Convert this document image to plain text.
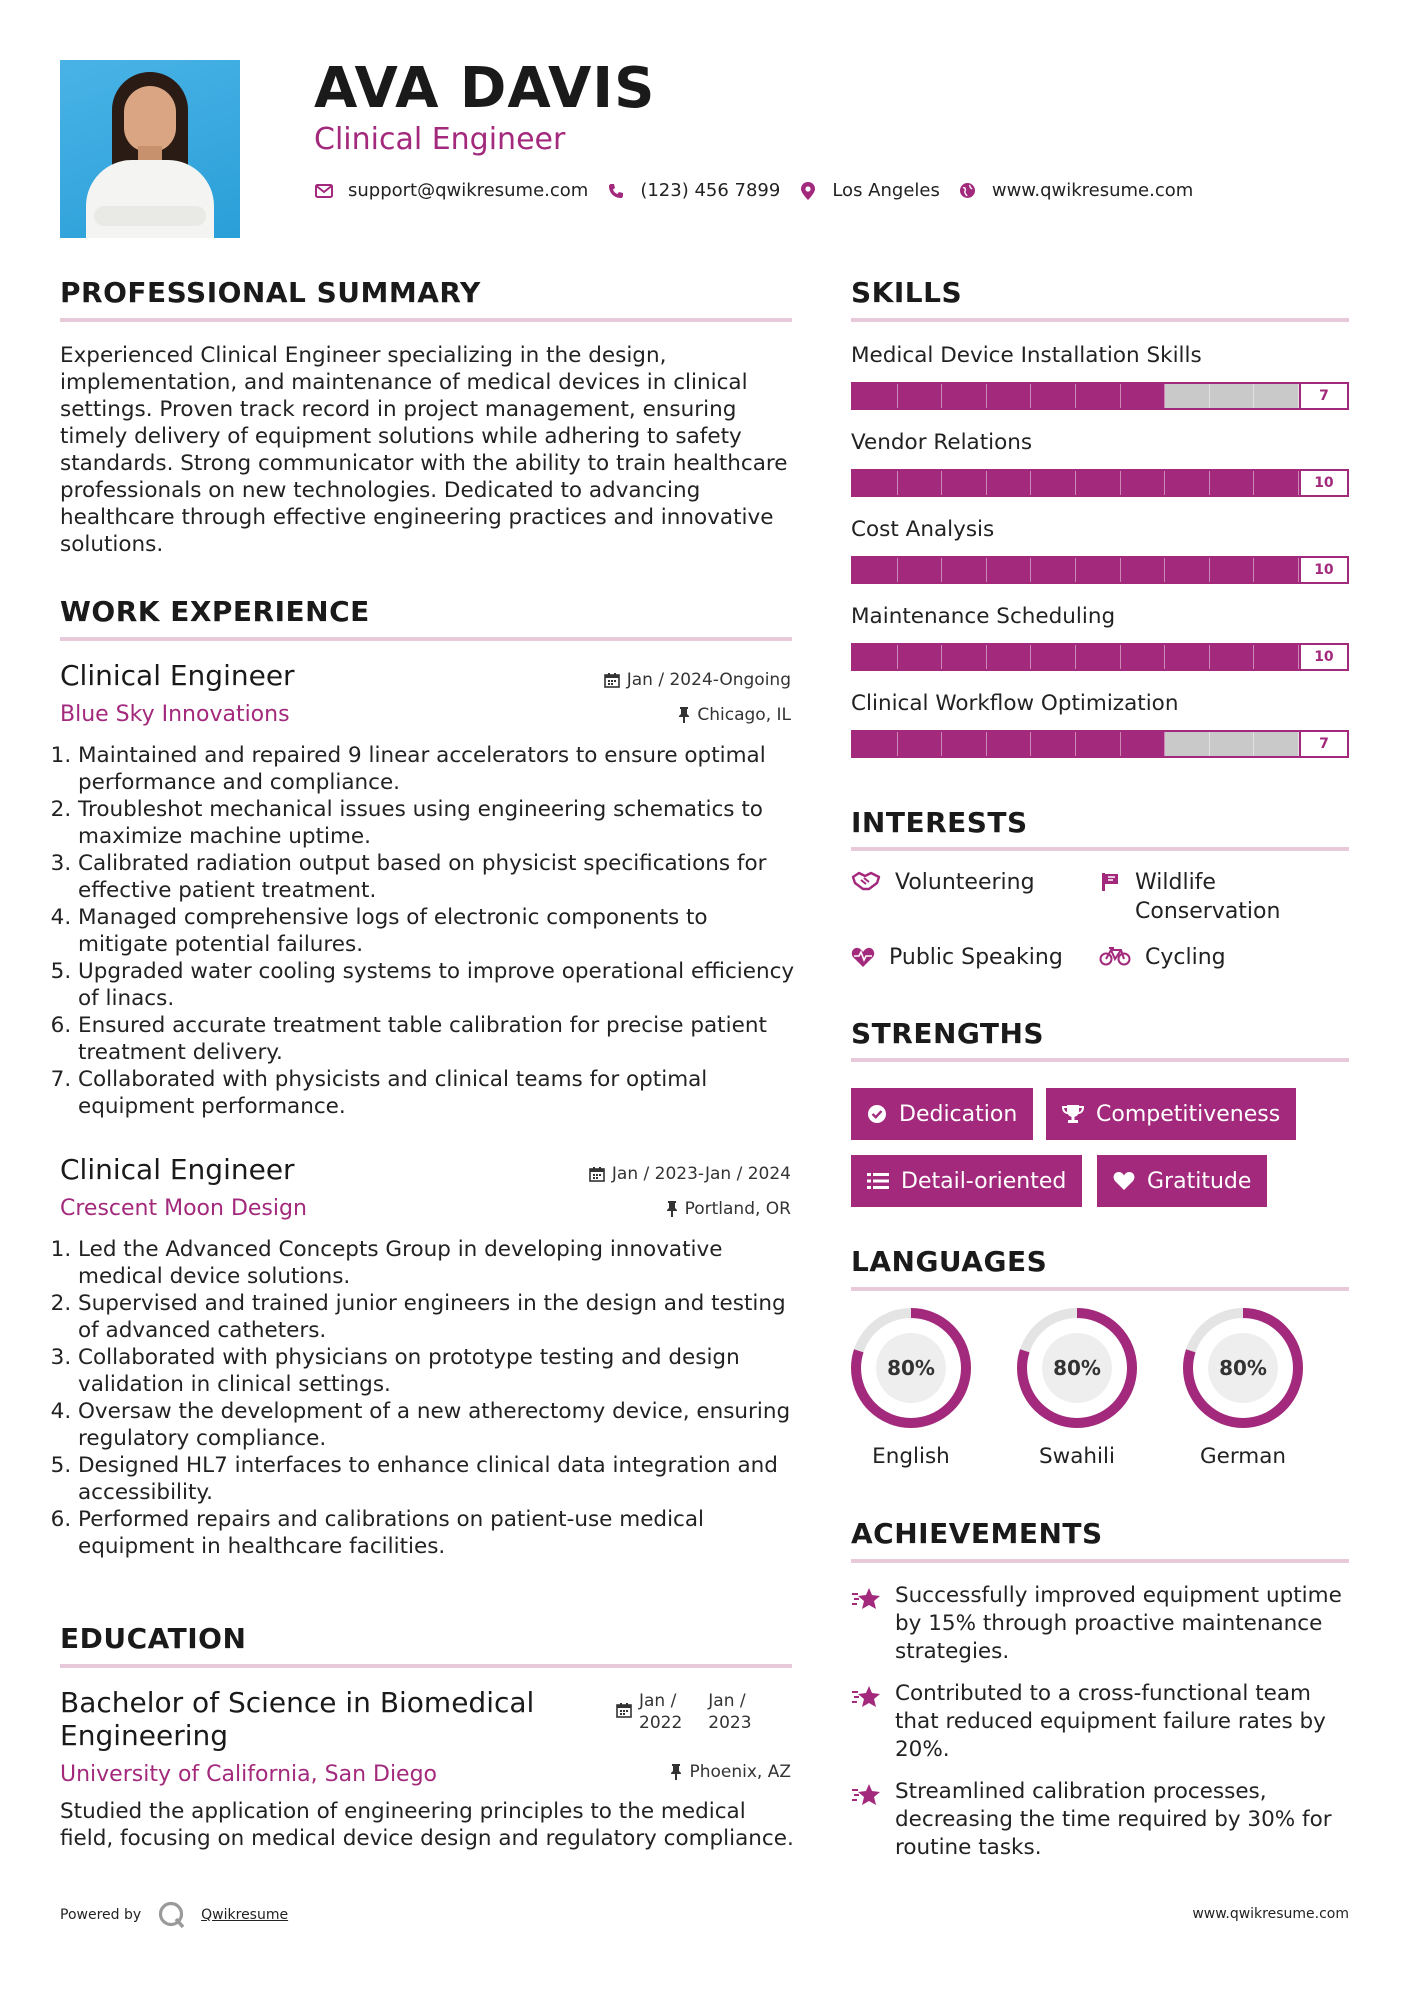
AVA DAVIS
Clinical Engineer
support@qwikresume.com	(123) 456 7899	Los Angeles	www.qwikresume.com
PROFESSIONAL SUMMARY
Experienced Clinical Engineer specializing in the design, implementation, and maintenance of medical devices in clinical settings. Proven track record in project management, ensuring timely delivery of equipment solutions while adhering to safety standards. Strong communicator with the ability to train healthcare professionals on new technologies. Dedicated to advancing healthcare through effective engineering practices and innovative solutions.
WORK EXPERIENCE
Clinical Engineer
Blue Sky Innovations
Jan / 2024-Ongoing
Chicago, IL
1. Maintained and repaired 9 linear accelerators to ensure optimal performance and compliance.
2. Troubleshot mechanical issues using engineering schematics to maximize machine uptime.
3. Calibrated radiation output based on physicist specifications for effective patient treatment.
4. Managed comprehensive logs of electronic components to mitigate potential failures.
5. Upgraded water cooling systems to improve operational efficiency of linacs.
6. Ensured accurate treatment table calibration for precise patient treatment delivery.
7. Collaborated with physicists and clinical teams for optimal equipment performance.
Clinical Engineer
Crescent Moon Design
Jan / 2023-Jan / 2024
Portland, OR
1. Led the Advanced Concepts Group in developing innovative medical device solutions.
2. Supervised and trained junior engineers in the design and testing of advanced catheters.
3. Collaborated with physicians on prototype testing and design validation in clinical settings.
4. Oversaw the development of a new atherectomy device, ensuring regulatory compliance.
5. Designed HL7 interfaces to enhance clinical data integration and accessibility.
6. Performed repairs and calibrations on patient-use medical equipment in healthcare facilities.
EDUCATION
Bachelor of Science in Biomedical
Engineering
University of California, San Diego
Jan /
2022
Jan /
2023
Phoenix, AZ
Studied the application of engineering principles to the medical field, focusing on medical device design and regulatory compliance.
SKILLS
Medical Device Installation Skills
7
Vendor Relations
10
Cost Analysis
10
Maintenance Scheduling
10
Clinical Workflow Optimization
7
INTERESTS
Volunteering	Wildlife Conservation
Public Speaking	Cycling
STRENGTHS
Dedication	Competitiveness
Detail-oriented	Gratitude
LANGUAGES
80%
English
80%
Swahili
80%
German
ACHIEVEMENTS
Successfully improved equipment uptime by 15% through proactive maintenance strategies.
Contributed to a cross-functional team that reduced equipment failure rates by 20%.
Streamlined calibration processes, decreasing the time required by 30% for routine tasks.
Powered by	Qwikresume	www.qwikresume.com
